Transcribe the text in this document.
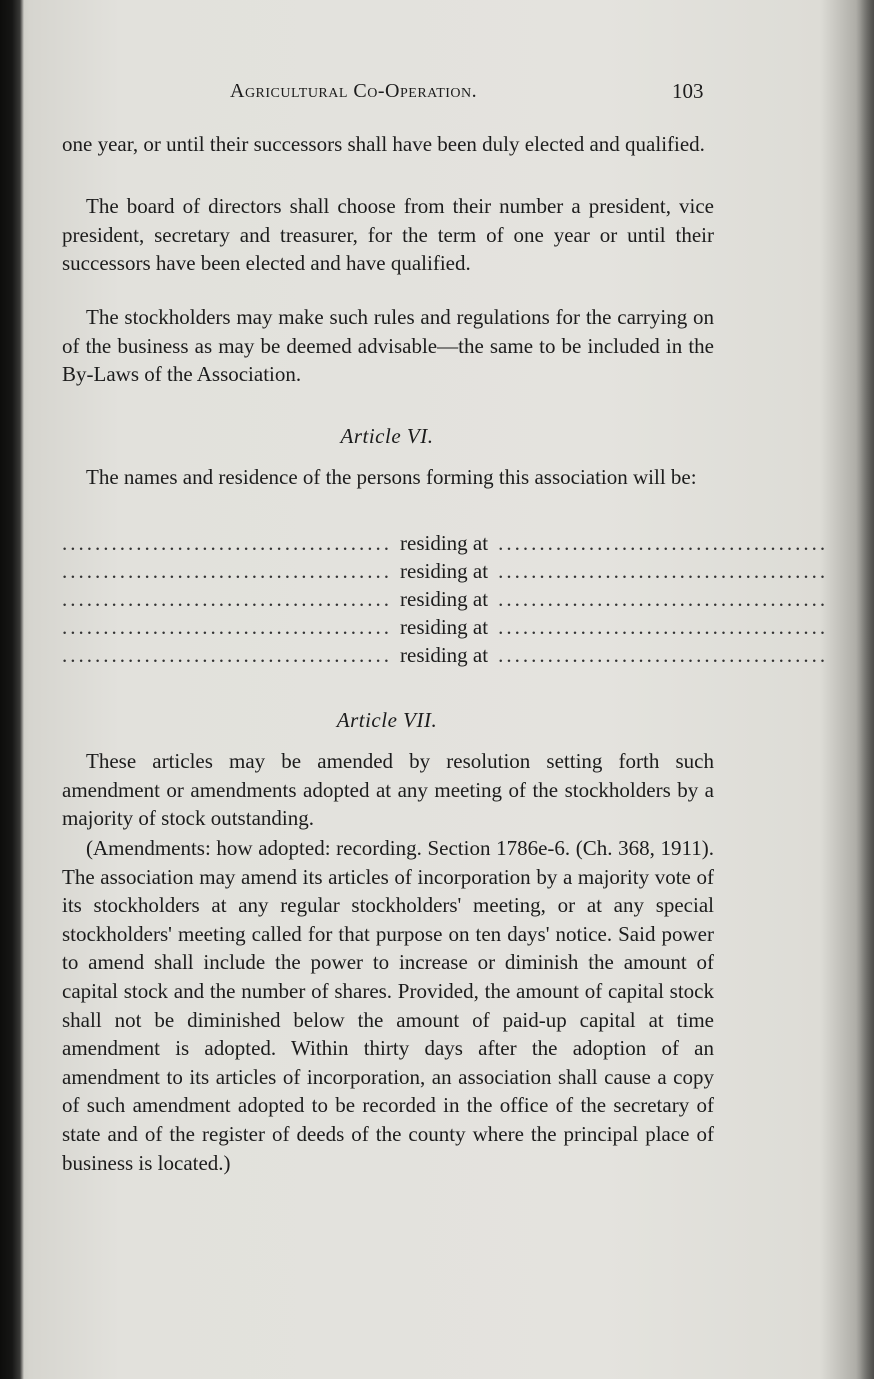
Agricultural Co-Operation.	103
one year, or until their successors shall have been duly elected and qualified.
The board of directors shall choose from their number a president, vice president, secretary and treasurer, for the term of one year or until their successors have been elected and have qualified.
The stockholders may make such rules and regulations for the carrying on of the business as may be deemed advisable—the same to be included in the By-Laws of the Association.
Article VI.
The names and residence of the persons forming this association will be:
........................................ residing at ........................................
........................................ residing at ........................................
........................................ residing at ........................................
........................................ residing at ........................................
........................................ residing at ........................................
Article VII.
These articles may be amended by resolution setting forth such amendment or amendments adopted at any meeting of the stockholders by a majority of stock outstanding.
(Amendments: how adopted: recording. Section 1786e-6. (Ch. 368, 1911). The association may amend its articles of incorporation by a majority vote of its stockholders at any regular stockholders' meeting, or at any special stockholders' meeting called for that purpose on ten days' notice. Said power to amend shall include the power to increase or diminish the amount of capital stock and the number of shares. Provided, the amount of capital stock shall not be diminished below the amount of paid-up capital at time amendment is adopted. Within thirty days after the adoption of an amendment to its articles of incorporation, an association shall cause a copy of such amendment adopted to be recorded in the office of the secretary of state and of the register of deeds of the county where the principal place of business is located.)
